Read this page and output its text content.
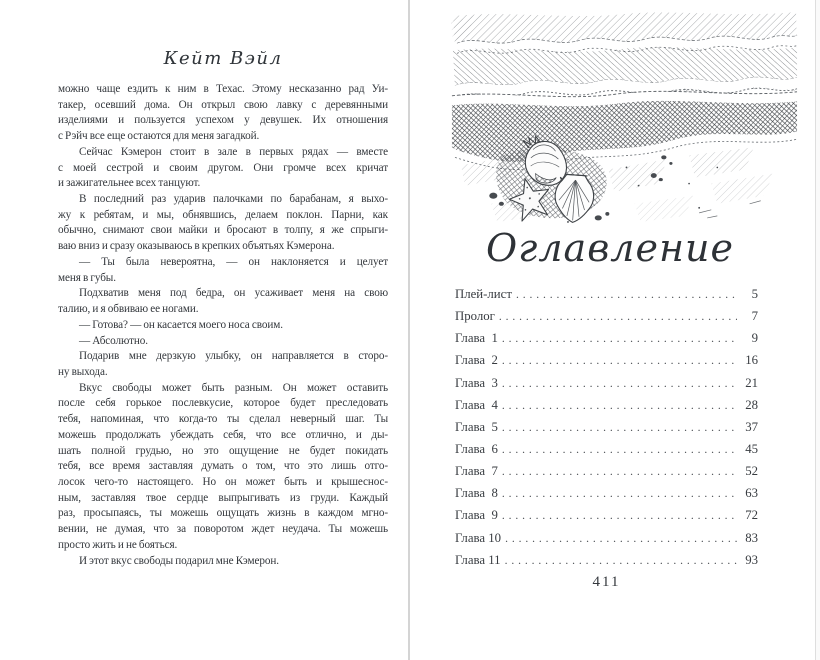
Кейт Вэйл
можно чаще ездить к ним в Техас. Этому несказанно рад Уи-
такер, осевший дома. Он открыл свою лавку с деревянными
изделиями и пользуется успехом у девушек. Их отношения
с Рэйч все еще остаются для меня загадкой.
Сейчас Кэмерон стоит в зале в первых рядах — вместе
с моей сестрой и своим другом. Они громче всех кричат
и зажигательнее всех танцуют.
В последний раз ударив палочками по барабанам, я выхо-
жу к ребятам, и мы, обнявшись, делаем поклон. Парни, как
обычно, снимают свои майки и бросают в толпу, я же спрыги-
ваю вниз и сразу оказываюсь в крепких объятьях Кэмерона.
— Ты была невероятна, — он наклоняется и целует
меня в губы.
Подхватив меня под бедра, он усаживает меня на свою
талию, и я обвиваю ее ногами.
— Готова? — он касается моего носа своим.
— Абсолютно.
Подарив мне дерзкую улыбку, он направляется в сторо-
ну выхода.
Вкус свободы может быть разным. Он может оставить
после себя горькое послевкусие, которое будет преследовать
тебя, напоминая, что когда-то ты сделал неверный шаг. Ты
можешь продолжать убеждать себя, что все отлично, и ды-
шать полной грудью, но это ощущение не будет покидать
тебя, все время заставляя думать о том, что это лишь отго-
лосок чего-то настоящего. Но он может быть и крышеснос-
ным, заставляя твое сердце выпрыгивать из груди. Каждый
раз, просыпаясь, ты можешь ощущать жизнь в каждом мгно-
вении, не думая, что за поворотом ждет неудача. Ты можешь
просто жить и не бояться.
И этот вкус свободы подарил мне Кэмерон.
Оглавление
Плей-лист . . .	5
Пролог . . .	7
Глава  1 . . .	9
Глава  2 . . .	16
Глава  3 . . .	21
Глава  4 . . .	28
Глава  5 . . .	37
Глава  6 . . .	45
Глава  7 . . .	52
Глава  8 . . .	63
Глава  9 . . .	72
Глава 10 . . .	83
Глава 11 . . .	93
411
